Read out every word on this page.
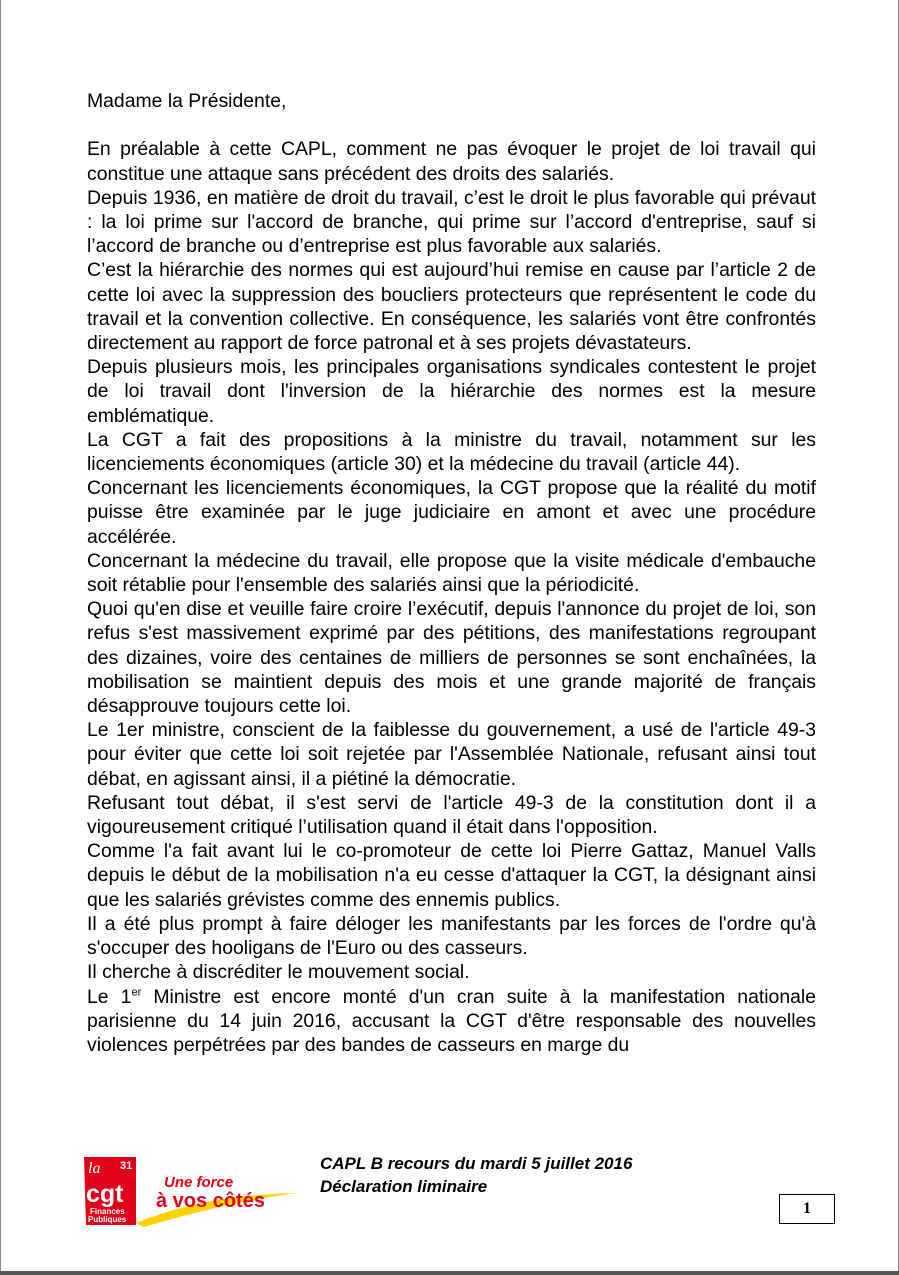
Madame la Présidente,

En préalable à cette CAPL, comment ne pas évoquer le projet de loi travail qui constitue une attaque sans précédent des droits des salariés.

Depuis 1936, en matière de droit du travail, c’est le droit le plus favorable qui prévaut : la loi prime sur l'accord de branche, qui prime sur l’accord d'entreprise, sauf si l’accord de branche ou d’entreprise est plus favorable aux salariés.

C’est la hiérarchie des normes qui est aujourd’hui remise en cause par l’article 2 de cette loi avec la suppression des boucliers protecteurs que représentent le code du travail et la convention collective. En conséquence, les salariés vont être confrontés directement au rapport de force patronal et à ses projets dévastateurs.

Depuis plusieurs mois, les principales organisations syndicales contestent le projet de loi travail dont l'inversion de la hiérarchie des normes est la mesure emblématique.

La CGT a fait des propositions à la ministre du travail, notamment sur les licenciements économiques (article 30) et la médecine du travail (article 44).

Concernant les licenciements économiques, la CGT propose que la réalité du motif puisse être examinée par le juge judiciaire en amont et avec une procédure accélérée.

Concernant la médecine du travail, elle propose que la visite médicale d'embauche soit rétablie pour l'ensemble des salariés ainsi que la périodicité.

Quoi qu'en dise et veuille faire croire l’exécutif, depuis l'annonce du projet de loi, son refus s'est massivement exprimé par des pétitions, des manifestations regroupant des dizaines, voire des centaines de milliers de personnes se sont enchaînées, la mobilisation se maintient depuis des mois et une grande majorité de français désapprouve toujours cette loi.

Le 1er ministre, conscient de la faiblesse du gouvernement, a usé de l'article 49-3 pour éviter que cette loi soit rejetée par l'Assemblée Nationale, refusant ainsi tout débat, en agissant ainsi, il a piétiné la démocratie.

Refusant tout débat, il s'est servi de l'article 49-3 de la constitution dont il a vigoureusement critiqué l’utilisation quand il était dans l'opposition.

Comme l'a fait avant lui le co-promoteur de cette loi Pierre Gattaz, Manuel Valls depuis le début de la mobilisation n'a eu cesse d'attaquer la CGT, la désignant ainsi que les salariés grévistes comme des ennemis publics.

Il a été plus prompt à faire déloger les manifestants par les forces de l'ordre qu'à s'occuper des hooligans de l'Euro ou des casseurs.

Il cherche à discréditer le mouvement social.

Le 1er Ministre est encore monté d'un cran suite à la manifestation nationale parisienne du 14 juin 2016, accusant la CGT d'être responsable des nouvelles violences perpétrées par des bandes de casseurs en marge du

la 31
cgt
Finances
Publiques
Une force
à vos côtés
CAPL B recours du mardi 5 juillet 2016
Déclaration liminaire
1
